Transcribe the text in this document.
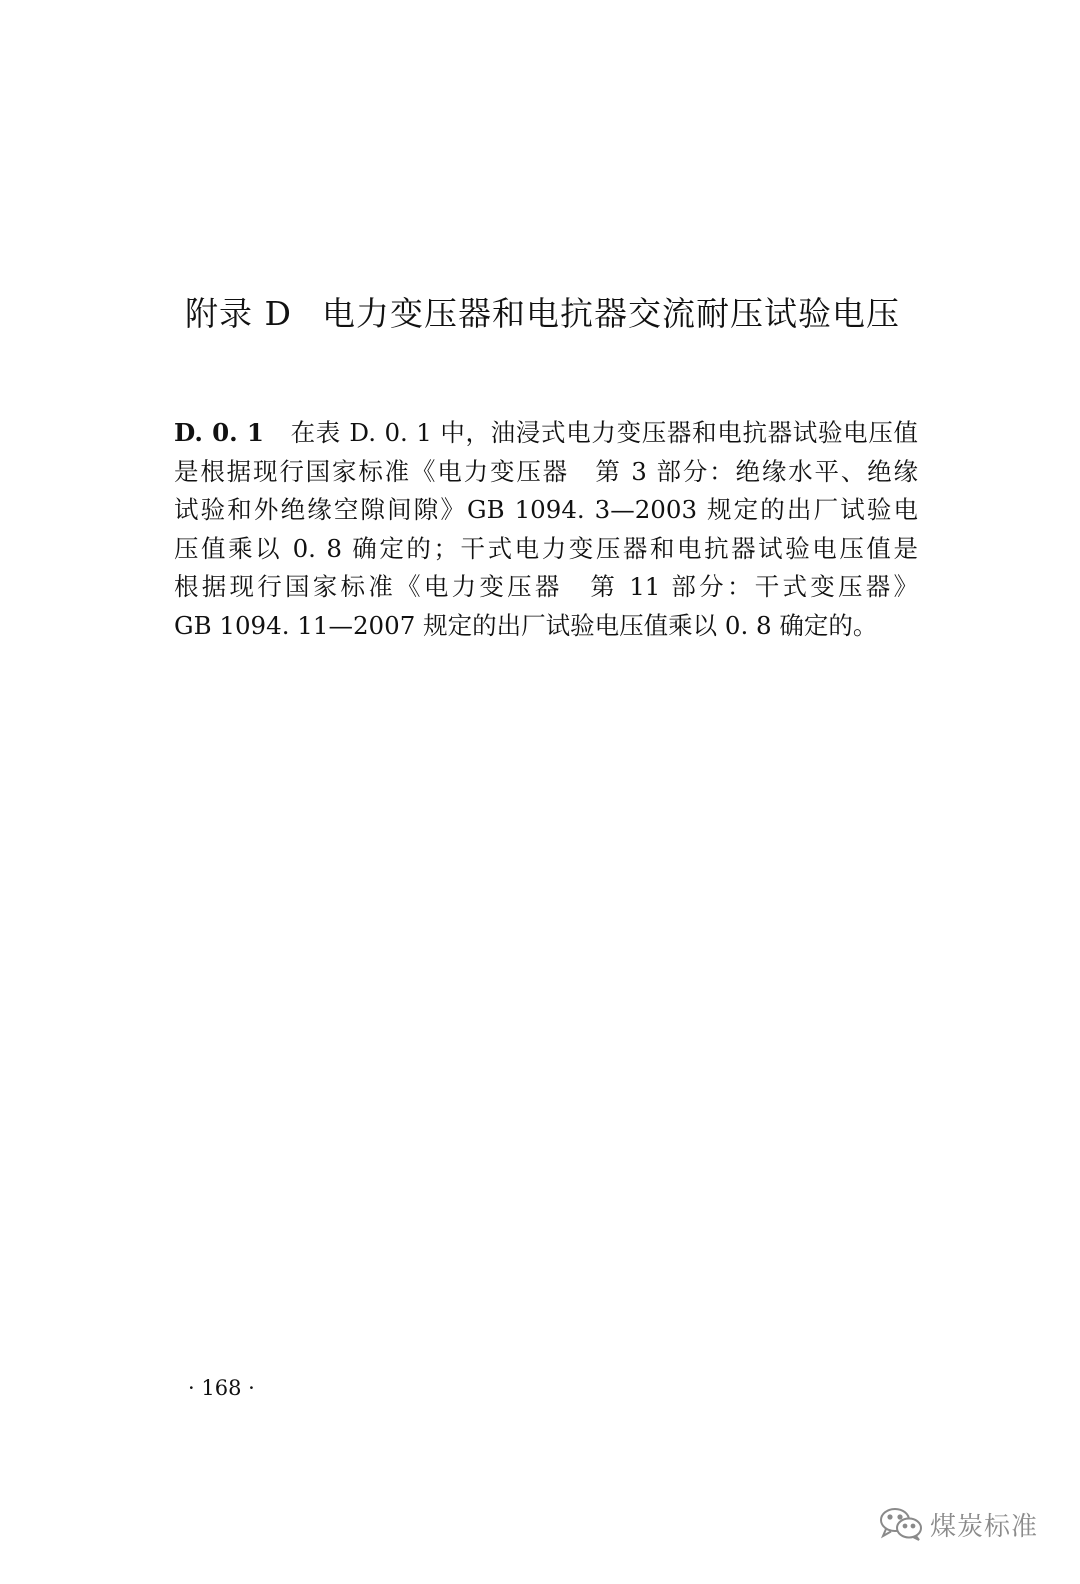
附录 D 电力变压器和电抗器交流耐压试验电压
D. 0. 1 在表 D. 0. 1 中，油浸式电力变压器和电抗器试验电压值
是根据现行国家标准《电力变压器　第 3 部分：绝缘水平、绝缘
试验和外绝缘空隙间隙》GB 1094. 3—2003 规定的出厂试验电
压值乘以 0. 8 确定的；干式电力变压器和电抗器试验电压值是
根据现行国家标准《电力变压器　第 11 部分：干式变压器》
GB 1094. 11—2007 规定的出厂试验电压值乘以 0. 8 确定的。
· 168 ·
煤炭标准
